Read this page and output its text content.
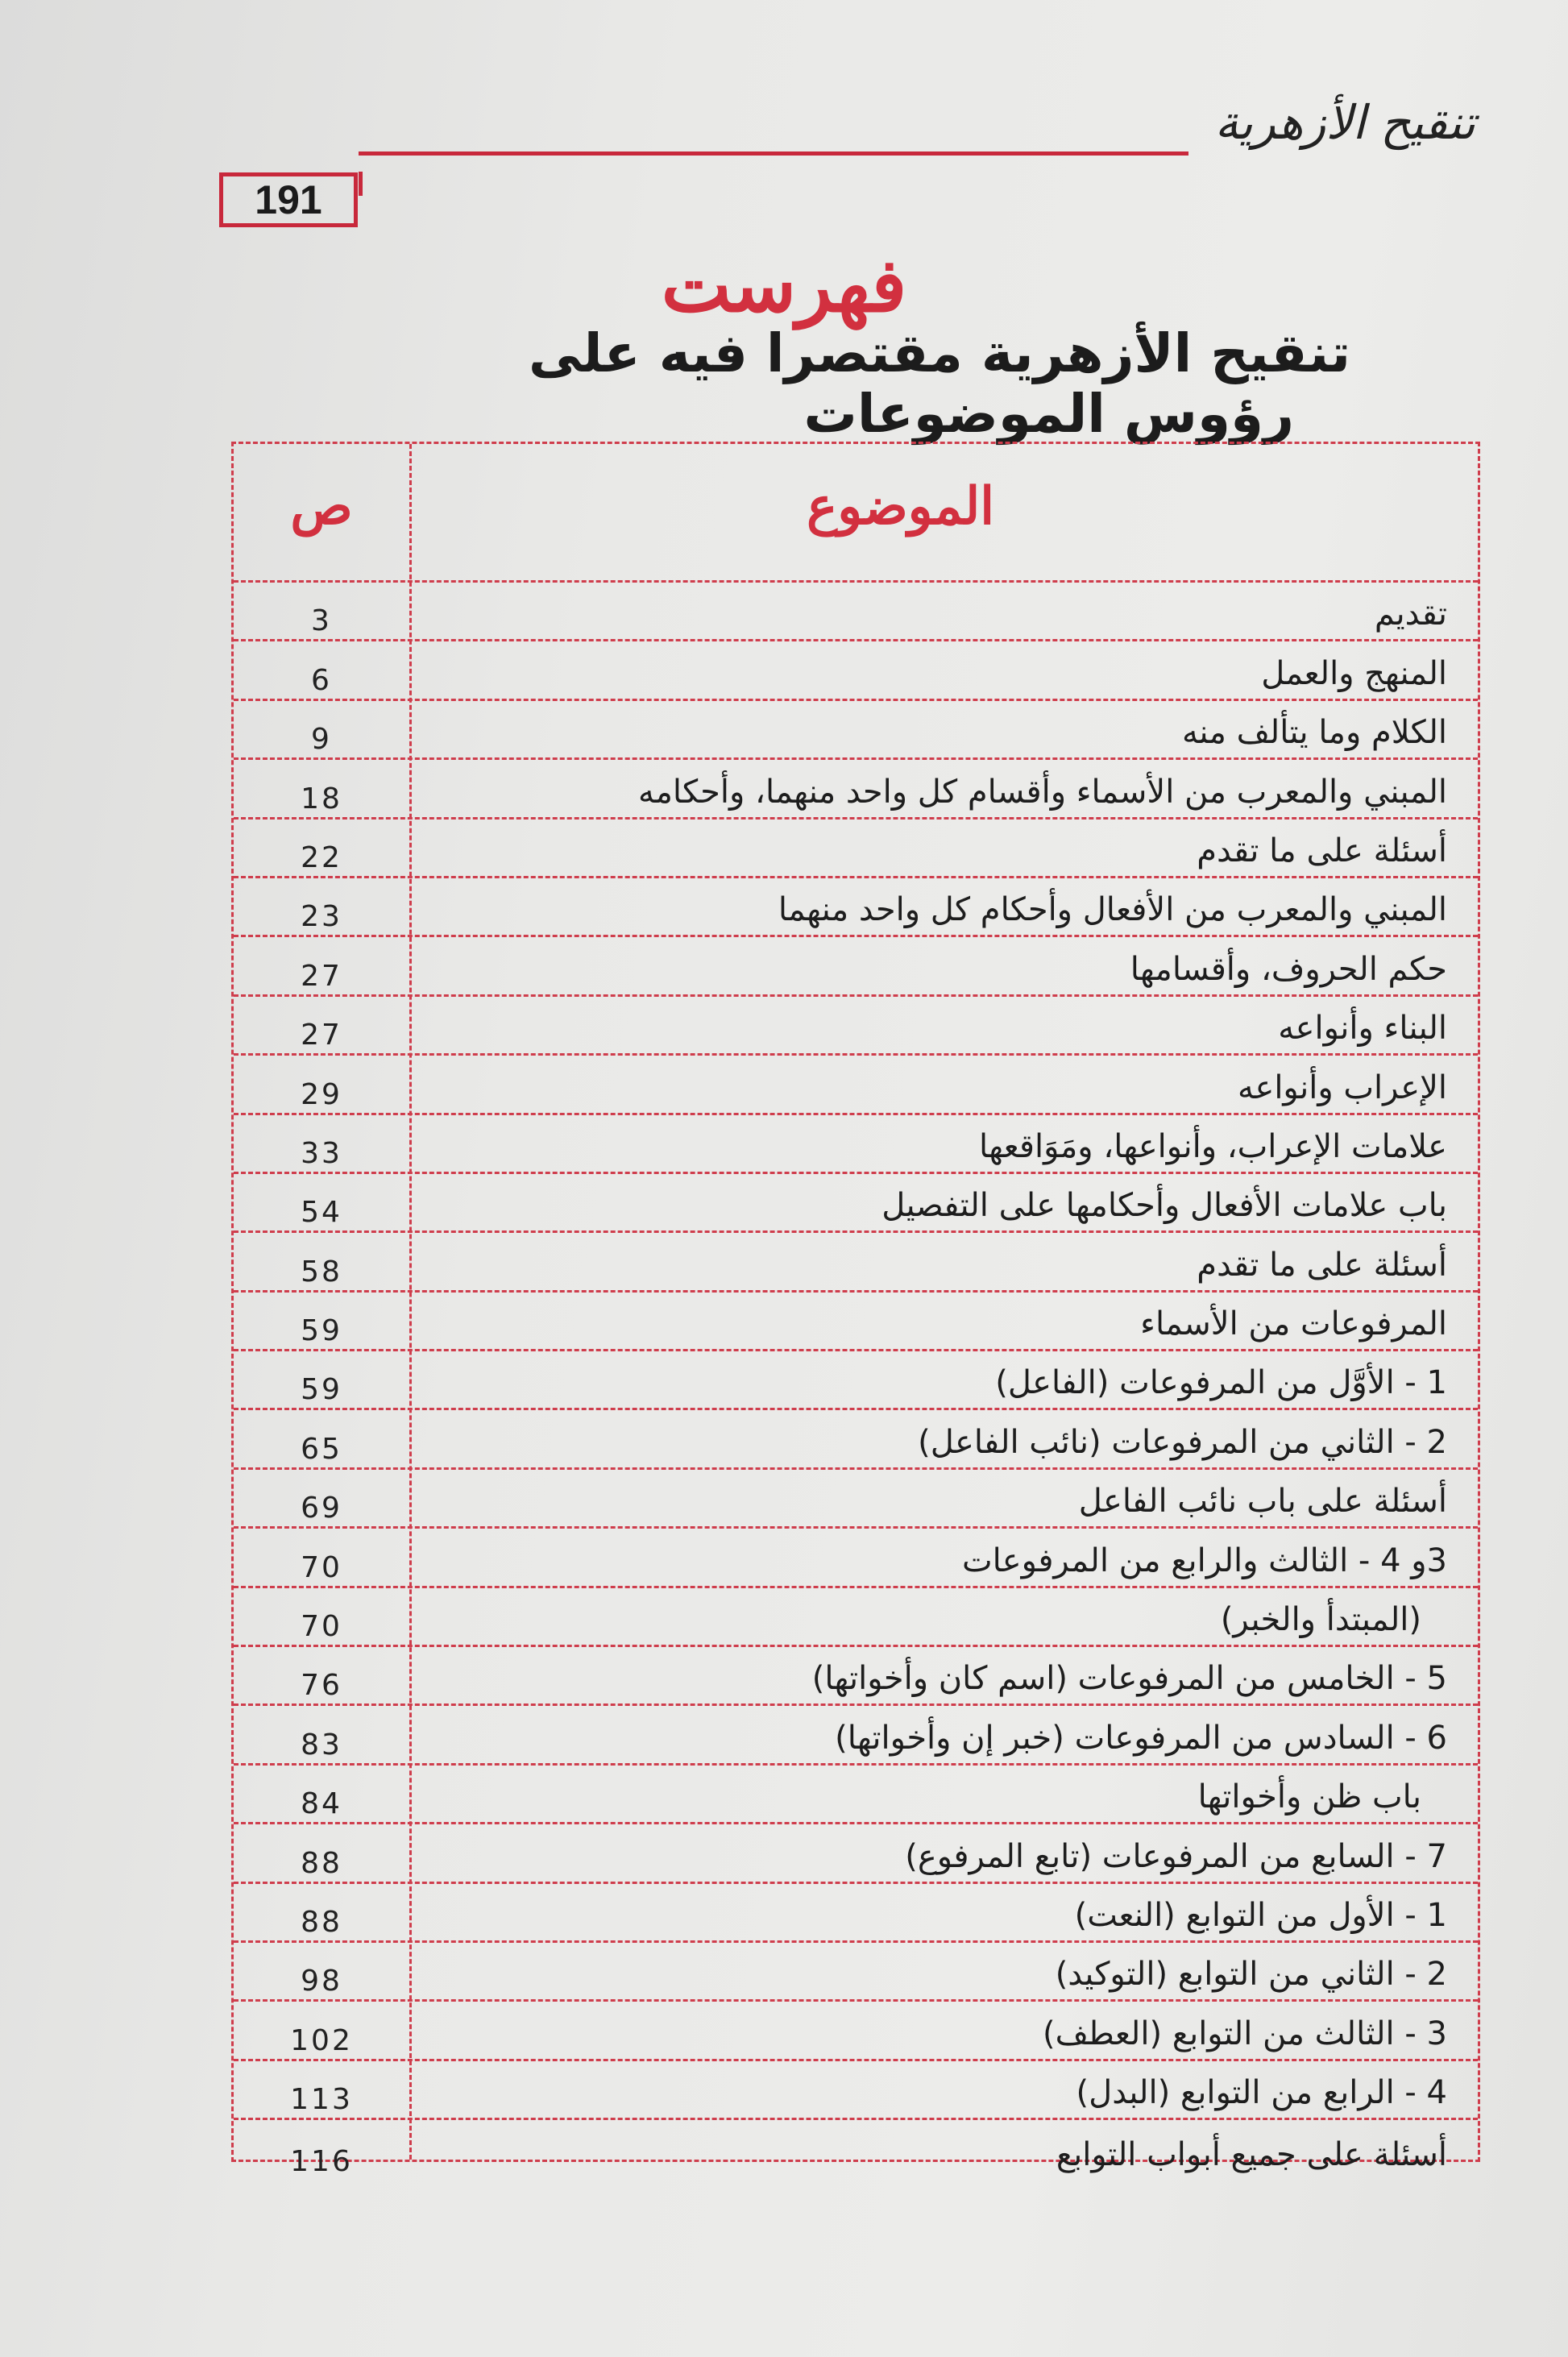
تنقيح الأزهرية
191
فهرست
تنقيح الأزهرية مقتصرا فيه على
رؤوس الموضوعات
ص	الموضوع
تقديم
3
المنهج والعمل
6
الكلام وما يتألف منه
9
المبني والمعرب من الأسماء وأقسام كل واحد منهما، وأحكامه
18
أسئلة على ما تقدم
22
المبني والمعرب من الأفعال وأحكام كل واحد منهما
23
حكم الحروف، وأقسامها
27
البناء وأنواعه
27
الإعراب وأنواعه
29
علامات الإعراب، وأنواعها، ومَوَاقعها
33
باب علامات الأفعال وأحكامها على التفصيل
54
أسئلة على ما تقدم
58
المرفوعات من الأسماء
59
1 - الأوَّل من المرفوعات (الفاعل)
59
2 - الثاني من المرفوعات (نائب الفاعل)
65
أسئلة على باب نائب الفاعل
69
3و 4 - الثالث والرابع من المرفوعات
70
(المبتدأ والخبر)
70
5 - الخامس من المرفوعات (اسم كان وأخواتها)
76
6 - السادس من المرفوعات (خبر إن وأخواتها)
83
باب ظن وأخواتها
84
7 - السابع من المرفوعات (تابع المرفوع)
88
1 - الأول من التوابع (النعت)
88
2 - الثاني من التوابع (التوكيد)
98
3 - الثالث من التوابع (العطف)
102
4 - الرابع من التوابع (البدل)
113
أسئلة على جميع أبواب التوابع
116
